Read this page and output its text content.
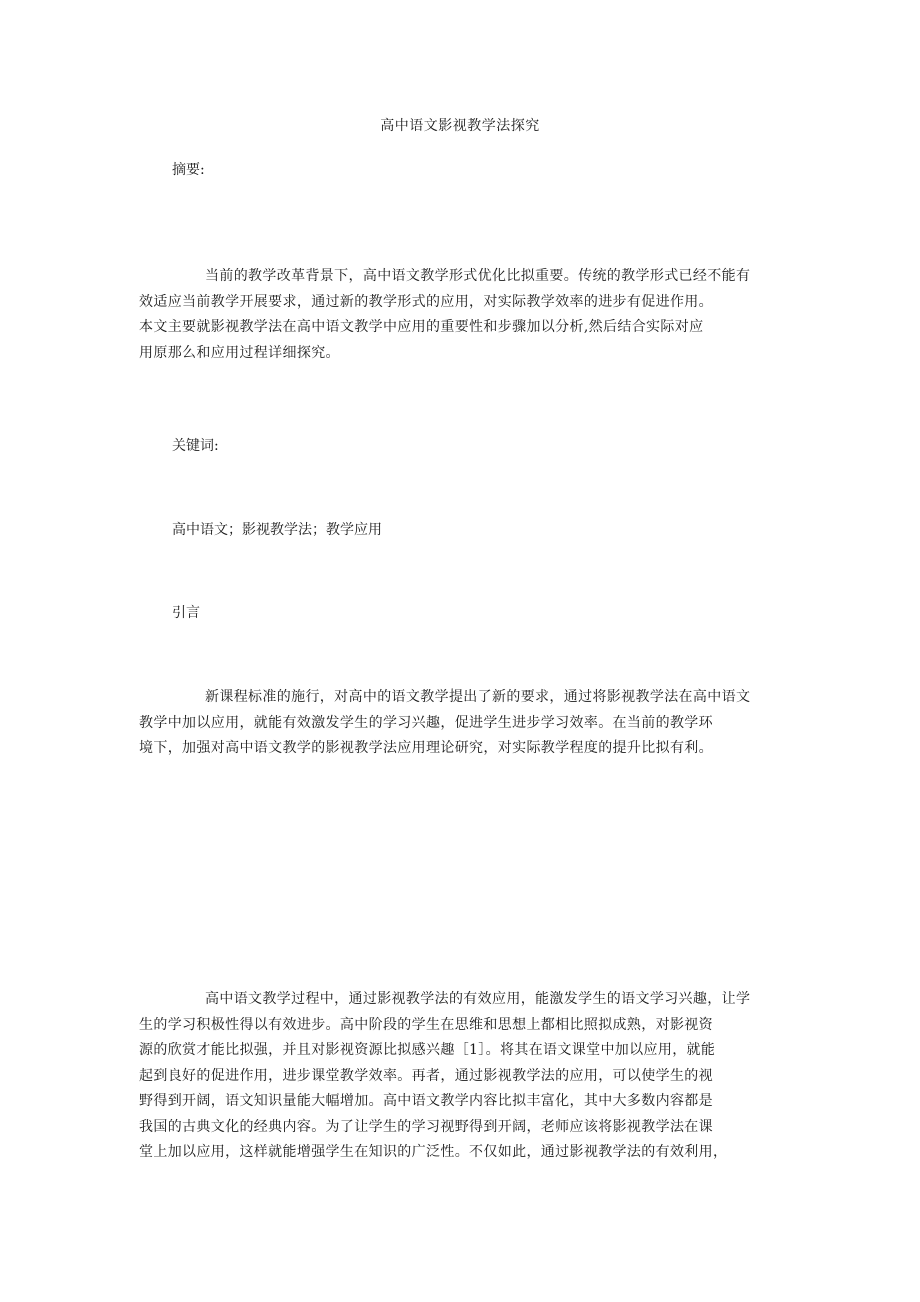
高中语文影视教学法探究
摘要:
当前的教学改革背景下，高中语文教学形式优化比拟重要。传统的教学形式已经不能有
效适应当前教学开展要求，通过新的教学形式的应用，对实际教学效率的进步有促进作用。
本文主要就影视教学法在高中语文教学中应用的重要性和步骤加以分析,然后结合实际对应
用原那么和应用过程详细探究。
关键词:
高中语文；影视教学法；教学应用
引言
新课程标准的施行，对高中的语文教学提出了新的要求，通过将影视教学法在高中语文
教学中加以应用，就能有效激发学生的学习兴趣，促进学生进步学习效率。在当前的教学环
境下，加强对高中语文教学的影视教学法应用理论研究，对实际教学程度的提升比拟有利。
高中语文教学过程中，通过影视教学法的有效应用，能激发学生的语文学习兴趣，让学
生的学习积极性得以有效进步。高中阶段的学生在思维和思想上都相比照拟成熟，对影视资
源的欣赏才能比拟强，并且对影视资源比拟感兴趣［1］。将其在语文课堂中加以应用，就能
起到良好的促进作用，进步课堂教学效率。再者，通过影视教学法的应用，可以使学生的视
野得到开阔，语文知识量能大幅增加。高中语文教学内容比拟丰富化，其中大多数内容都是
我国的古典文化的经典内容。为了让学生的学习视野得到开阔，老师应该将影视教学法在课
堂上加以应用，这样就能增强学生在知识的广泛性。不仅如此，通过影视教学法的有效利用，
